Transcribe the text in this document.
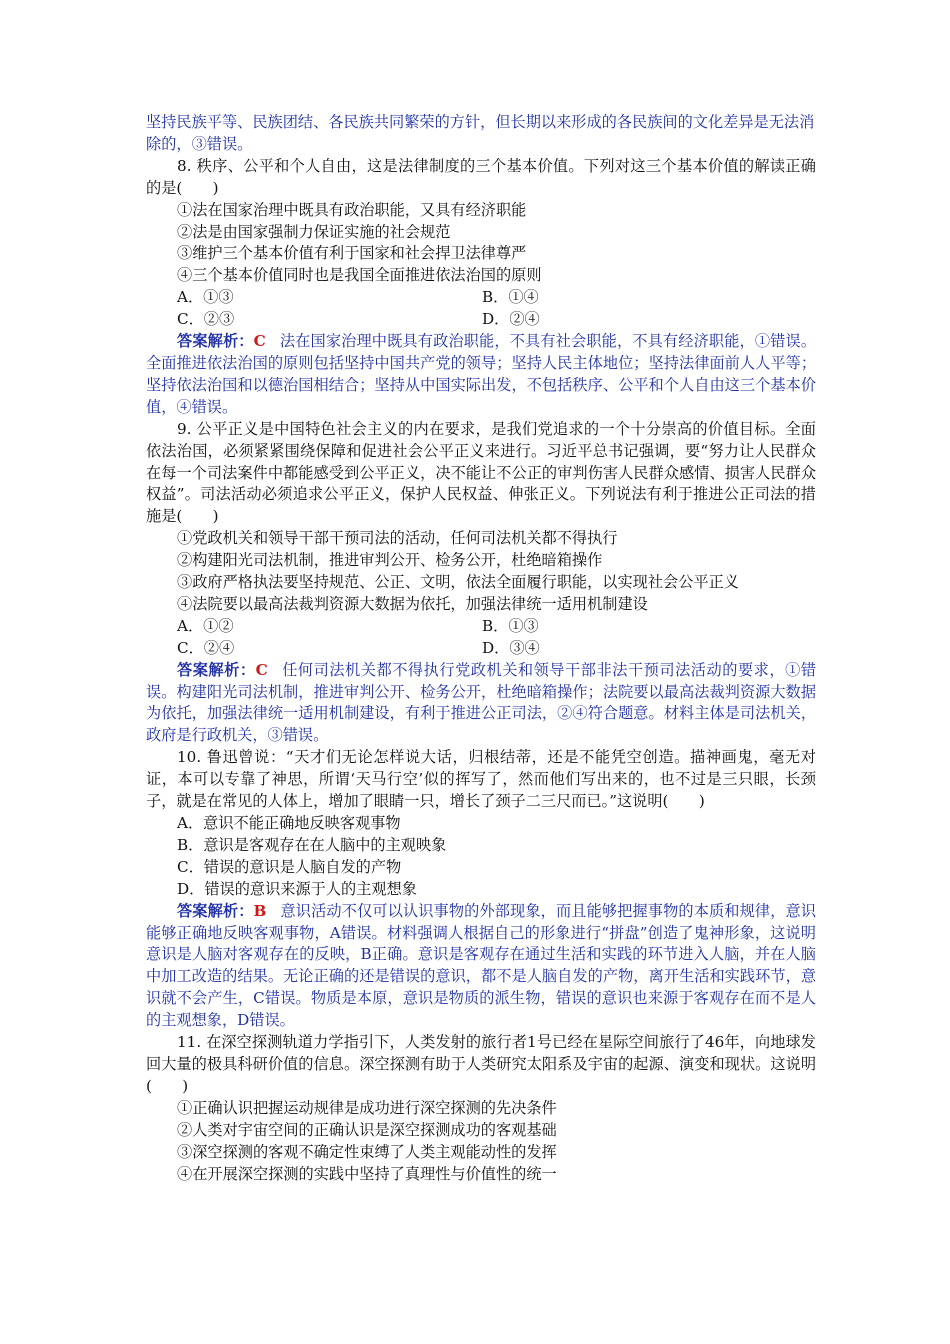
坚持民族平等、民族团结、各民族共同繁荣的方针，但长期以来形成的各民族间的文化差异是无法消除的，③错误。

8. 秩序、公平和个人自由，这是法律制度的三个基本价值。下列对这三个基本价值的解读正确的是(　　)

①法在国家治理中既具有政治职能，又具有经济职能

②法是由国家强制力保证实施的社会规范

③维护三个基本价值有利于国家和社会捍卫法律尊严

④三个基本价值同时也是我国全面推进依法治国的原则

A．①③	B．①④
C．②③	D．②④

答案解析：C 法在国家治理中既具有政治职能，不具有社会职能，不具有经济职能，①错误。全面推进依法治国的原则包括坚持中国共产党的领导；坚持人民主体地位；坚持法律面前人人平等；坚持依法治国和以德治国相结合；坚持从中国实际出发，不包括秩序、公平和个人自由这三个基本价值，④错误。

9. 公平正义是中国特色社会主义的内在要求，是我们党追求的一个十分崇高的价值目标。全面依法治国，必须紧紧围绕保障和促进社会公平正义来进行。习近平总书记强调，要“努力让人民群众在每一个司法案件中都能感受到公平正义，决不能让不公正的审判伤害人民群众感情、损害人民群众权益”。司法活动必须追求公平正义，保护人民权益、伸张正义。下列说法有利于推进公正司法的措施是(　　)

①党政机关和领导干部干预司法的活动，任何司法机关都不得执行

②构建阳光司法机制，推进审判公开、检务公开，杜绝暗箱操作

③政府严格执法要坚持规范、公正、文明，依法全面履行职能，以实现社会公平正义

④法院要以最高法裁判资源大数据为依托，加强法律统一适用机制建设

A．①②	B．①③
C．②④	D．③④

答案解析：C 任何司法机关都不得执行党政机关和领导干部非法干预司法活动的要求，①错误。构建阳光司法机制，推进审判公开、检务公开，杜绝暗箱操作；法院要以最高法裁判资源大数据为依托，加强法律统一适用机制建设，有利于推进公正司法，②④符合题意。材料主体是司法机关，政府是行政机关，③错误。

10. 鲁迅曾说：“天才们无论怎样说大话，归根结蒂，还是不能凭空创造。描神画鬼，毫无对证，本可以专靠了神思，所谓‘天马行空’似的挥写了，然而他们写出来的，也不过是三只眼，长颈子，就是在常见的人体上，增加了眼睛一只，增长了颈子二三尺而已。”这说明(　　)

A．意识不能正确地反映客观事物

B．意识是客观存在在人脑中的主观映象

C．错误的意识是人脑自发的产物

D．错误的意识来源于人的主观想象

答案解析：B 意识活动不仅可以认识事物的外部现象，而且能够把握事物的本质和规律，意识能够正确地反映客观事物，A错误。材料强调人根据自己的形象进行“拼盘”创造了鬼神形象，这说明意识是人脑对客观存在的反映，B正确。意识是客观存在通过生活和实践的环节进入人脑，并在人脑中加工改造的结果。无论正确的还是错误的意识，都不是人脑自发的产物，离开生活和实践环节，意识就不会产生，C错误。物质是本原，意识是物质的派生物，错误的意识也来源于客观存在而不是人的主观想象，D错误。

11. 在深空探测轨道力学指引下，人类发射的旅行者1号已经在星际空间旅行了46年，向地球发回大量的极具科研价值的信息。深空探测有助于人类研究太阳系及宇宙的起源、演变和现状。这说明(　　)

①正确认识把握运动规律是成功进行深空探测的先决条件

②人类对宇宙空间的正确认识是深空探测成功的客观基础

③深空探测的客观不确定性束缚了人类主观能动性的发挥

④在开展深空探测的实践中坚持了真理性与价值性的统一
